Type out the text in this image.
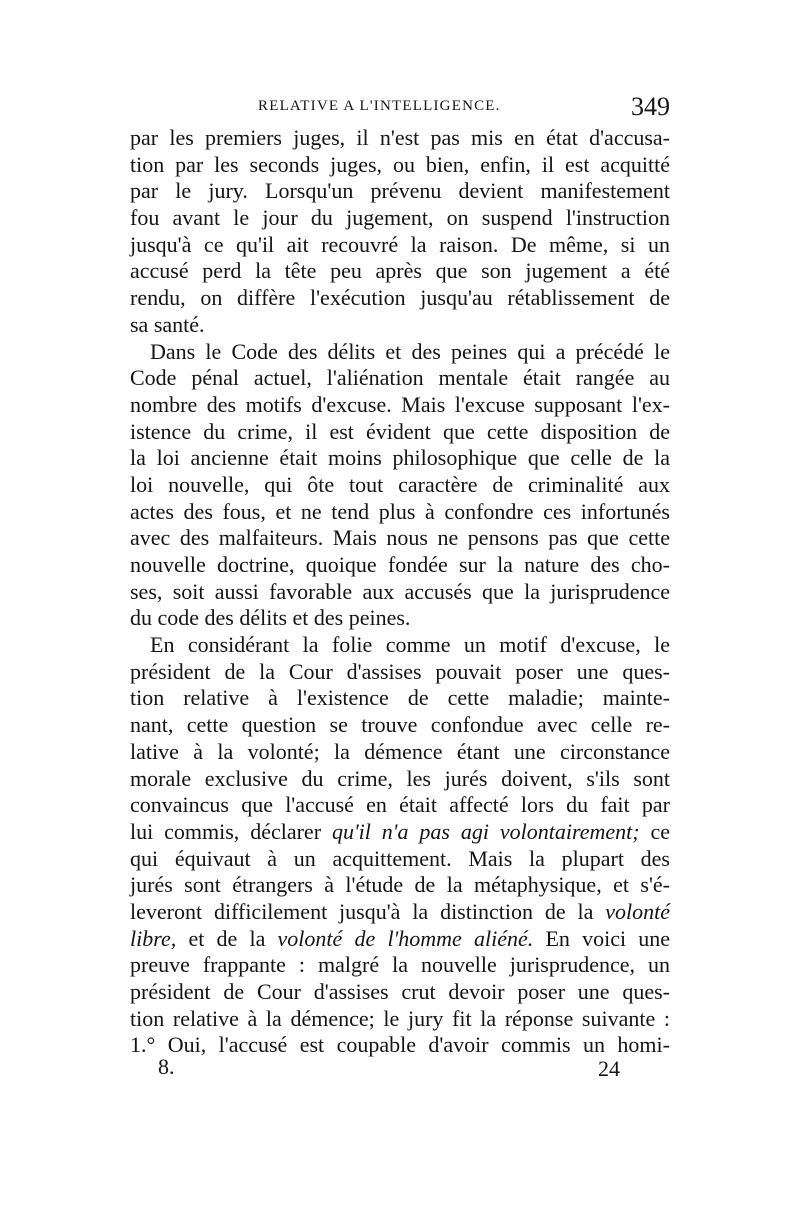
RELATIVE A L'INTELLIGENCE.	349
par les premiers juges, il n'est pas mis en état d'accusa-
tion par les seconds juges, ou bien, enfin, il est acquitté
par le jury. Lorsqu'un prévenu devient manifestement
fou avant le jour du jugement, on suspend l'instruction
jusqu'à ce qu'il ait recouvré la raison. De même, si un
accusé perd la tête peu après que son jugement a été
rendu, on diffère l'exécution jusqu'au rétablissement de
sa santé.
Dans le Code des délits et des peines qui a précédé le
Code pénal actuel, l'aliénation mentale était rangée au
nombre des motifs d'excuse. Mais l'excuse supposant l'ex-
istence du crime, il est évident que cette disposition de
la loi ancienne était moins philosophique que celle de la
loi nouvelle, qui ôte tout caractère de criminalité aux
actes des fous, et ne tend plus à confondre ces infortunés
avec des malfaiteurs. Mais nous ne pensons pas que cette
nouvelle doctrine, quoique fondée sur la nature des cho-
ses, soit aussi favorable aux accusés que la jurisprudence
du code des délits et des peines.
En considérant la folie comme un motif d'excuse, le
président de la Cour d'assises pouvait poser une ques-
tion relative à l'existence de cette maladie; mainte-
nant, cette question se trouve confondue avec celle re-
lative à la volonté; la démence étant une circonstance
morale exclusive du crime, les jurés doivent, s'ils sont
convaincus que l'accusé en était affecté lors du fait par
lui commis, déclarer qu'il n'a pas agi volontairement; ce
qui équivaut à un acquittement. Mais la plupart des
jurés sont étrangers à l'étude de la métaphysique, et s'é-
leveront difficilement jusqu'à la distinction de la volonté
libre, et de la volonté de l'homme aliéné. En voici une
preuve frappante : malgré la nouvelle jurisprudence, un
président de Cour d'assises crut devoir poser une ques-
tion relative à la démence; le jury fit la réponse suivante :
1.° Oui, l'accusé est coupable d'avoir commis un homi-
8.	24
